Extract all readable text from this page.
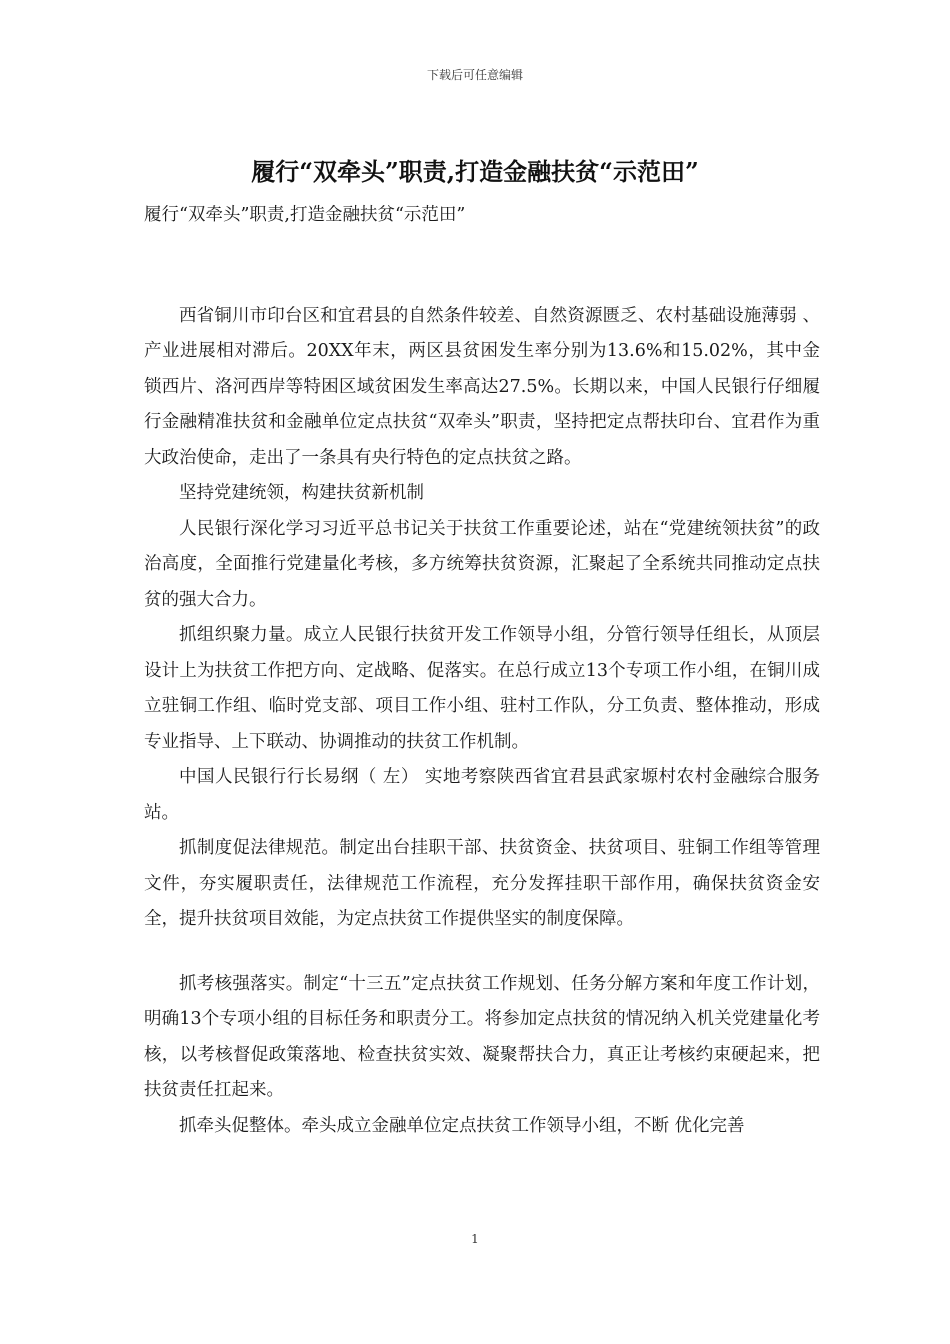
下载后可任意编辑
履行“双牵头”职责,打造金融扶贫“示范田”

履行“双牵头”职责,打造金融扶贫“示范田”

西省铜川市印台区和宜君县的自然条件较差、自然资源匮乏、农村基础设施薄弱 、产业进展相对滞后。20XX年末，两区县贫困发生率分别为13.6%和15.02%，其中金锁西片、洛河西岸等特困区域贫困发生率高达27.5%。长期以来，中国人民银行仔细履行金融精准扶贫和金融单位定点扶贫“双牵头”职责，坚持把定点帮扶印台、宜君作为重大政治使命，走出了一条具有央行特色的定点扶贫之路。

坚持党建统领，构建扶贫新机制

人民银行深化学习习近平总书记关于扶贫工作重要论述，站在“党建统领扶贫”的政治高度，全面推行党建量化考核，多方统筹扶贫资源，汇聚起了全系统共同推动定点扶贫的强大合力。

抓组织聚力量。成立人民银行扶贫开发工作领导小组，分管行领导任组长，从顶层设计上为扶贫工作把方向、定战略、促落实。在总行成立13个专项工作小组，在铜川成立驻铜工作组、临时党支部、项目工作小组、驻村工作队，分工负责、整体推动，形成专业指导、上下联动、协调推动的扶贫工作机制。

中国人民银行行长易纲（ 左） 实地考察陕西省宜君县武家塬村农村金融综合服务站。

抓制度促法律规范。制定出台挂职干部、扶贫资金、扶贫项目、驻铜工作组等管理文件，夯实履职责任，法律规范工作流程，充分发挥挂职干部作用，确保扶贫资金安全，提升扶贫项目效能，为定点扶贫工作提供坚实的制度保障。

抓考核强落实。制定“十三五”定点扶贫工作规划、任务分解方案和年度工作计划，明确13个专项小组的目标任务和职责分工。将参加定点扶贫的情况纳入机关党建量化考核，以考核督促政策落地、检查扶贫实效、凝聚帮扶合力，真正让考核约束硬起来，把扶贫责任扛起来。

抓牵头促整体。牵头成立金融单位定点扶贫工作领导小组，不断 优化完善

1
